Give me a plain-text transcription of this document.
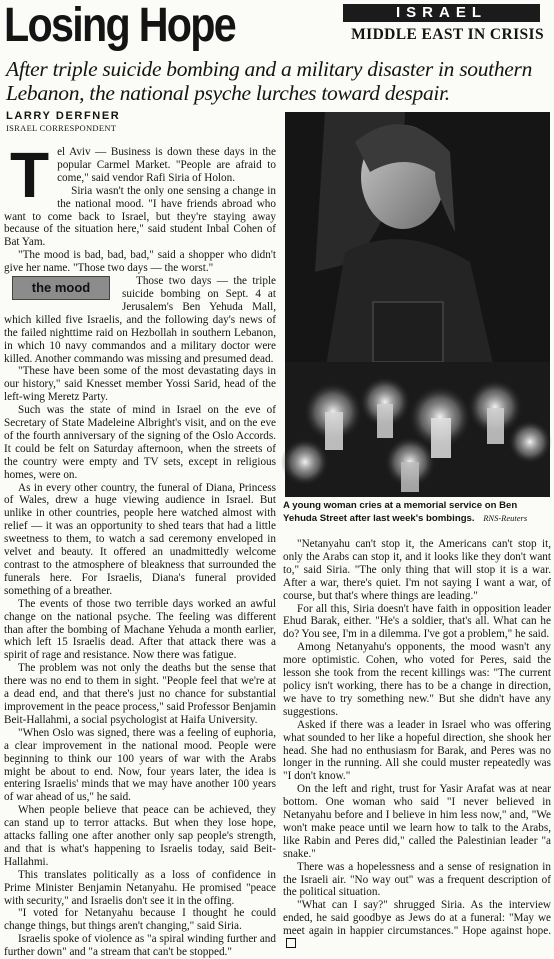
Losing Hope	ISRAEL
MIDDLE EAST IN CRISIS

After triple suicide bombing and a military disaster in southern Lebanon, the national psyche lurches toward despair.

LARRY DERFNER
ISRAEL CORRESPONDENT

Tel Aviv — Business is down these days in the popular Carmel Market. "People are afraid to come," said vendor Rafi Siria of Holon.

Siria wasn't the only one sensing a change in the national mood. "I have friends abroad who want to come back to Israel, but they're staying away because of the situation here," said student Inbal Cohen of Bat Yam.

"The mood is bad, bad, bad," said a shopper who didn't give her name. "Those two days — the worst."

the mood	Those two days — the triple suicide bombing on Sept. 4 at Jerusalem's Ben Yehuda Mall, which killed five Israelis, and the following day's news of the failed nighttime raid on Hezbollah in southern Lebanon, in which 10 navy commandos and a military doctor were killed. Another commando was missing and presumed dead.

"These have been some of the most devastating days in our history," said Knesset member Yossi Sarid, head of the left-wing Meretz Party.

Such was the state of mind in Israel on the eve of Secretary of State Madeleine Albright's visit, and on the eve of the fourth anniversary of the signing of the Oslo Accords. It could be felt on Saturday afternoon, when the streets of the country were empty and TV sets, except in religious homes, were on.

As in every other country, the funeral of Diana, Princess of Wales, drew a huge viewing audience in Israel. But unlike in other countries, people here watched almost with relief — it was an opportunity to shed tears that had a little sweetness to them, to watch a sad ceremony enveloped in velvet and beauty. It offered an unadmittedly welcome contrast to the atmosphere of bleakness that surrounded the funerals here. For Israelis, Diana's funeral provided something of a breather.

The events of those two terrible days worked an awful change on the national psyche. The feeling was different than after the bombing of Machane Yehuda a month earlier, which left 15 Israelis dead. After that attack there was a spirit of rage and resistance. Now there was fatigue.

The problem was not only the deaths but the sense that there was no end to them in sight. "People feel that we're at a dead end, and that there's just no chance for substantial improvement in the peace process," said Professor Benjamin Beit-Hallahmi, a social psychologist at Haifa University.

"When Oslo was signed, there was a feeling of euphoria, a clear improvement in the national mood. People were beginning to think our 100 years of war with the Arabs might be about to end. Now, four years later, the idea is entering Israelis' minds that we may have another 100 years of war ahead of us," he said.

When people believe that peace can be achieved, they can stand up to terror attacks. But when they lose hope, attacks falling one after another only sap people's strength, and that is what's happening to Israelis today, said Beit-Hallahmi.

This translates politically as a loss of confidence in Prime Minister Benjamin Netanyahu. He promised "peace with security," and Israelis don't see it in the offing.

"I voted for Netanyahu because I thought he could change things, but things aren't changing," said Siria.

Israelis spoke of violence as "a spiral winding further and further down" and "a stream that can't be stopped."

A young woman cries at a memorial service on Ben Yehuda Street after last week's bombings. RNS-Reuters

"Netanyahu can't stop it, the Americans can't stop it, only the Arabs can stop it, and it looks like they don't want to," said Siria. "The only thing that will stop it is a war. After a war, there's quiet. I'm not saying I want a war, of course, but that's where things are leading."

For all this, Siria doesn't have faith in opposition leader Ehud Barak, either. "He's a soldier, that's all. What can he do? You see, I'm in a dilemma. I've got a problem," he said.

Among Netanyahu's opponents, the mood wasn't any more optimistic. Cohen, who voted for Peres, said the lesson she took from the recent killings was: "The current policy isn't working, there has to be a change in direction, we have to try something new." But she didn't have any suggestions.

Asked if there was a leader in Israel who was offering what sounded to her like a hopeful direction, she shook her head. She had no enthusiasm for Barak, and Peres was no longer in the running. All she could muster repeatedly was "I don't know."

On the left and right, trust for Yasir Arafat was at near bottom. One woman who said "I never believed in Netanyahu before and I believe in him less now," and, "We won't make peace until we learn how to talk to the Arabs, like Rabin and Peres did," called the Palestinian leader "a snake."

There was a hopelessness and a sense of resignation in the Israeli air. "No way out" was a frequent description of the political situation.

"What can I say?" shrugged Siria. As the interview ended, he said goodbye as Jews do at a funeral: "May we meet again in happier circumstances." Hope against hope.
